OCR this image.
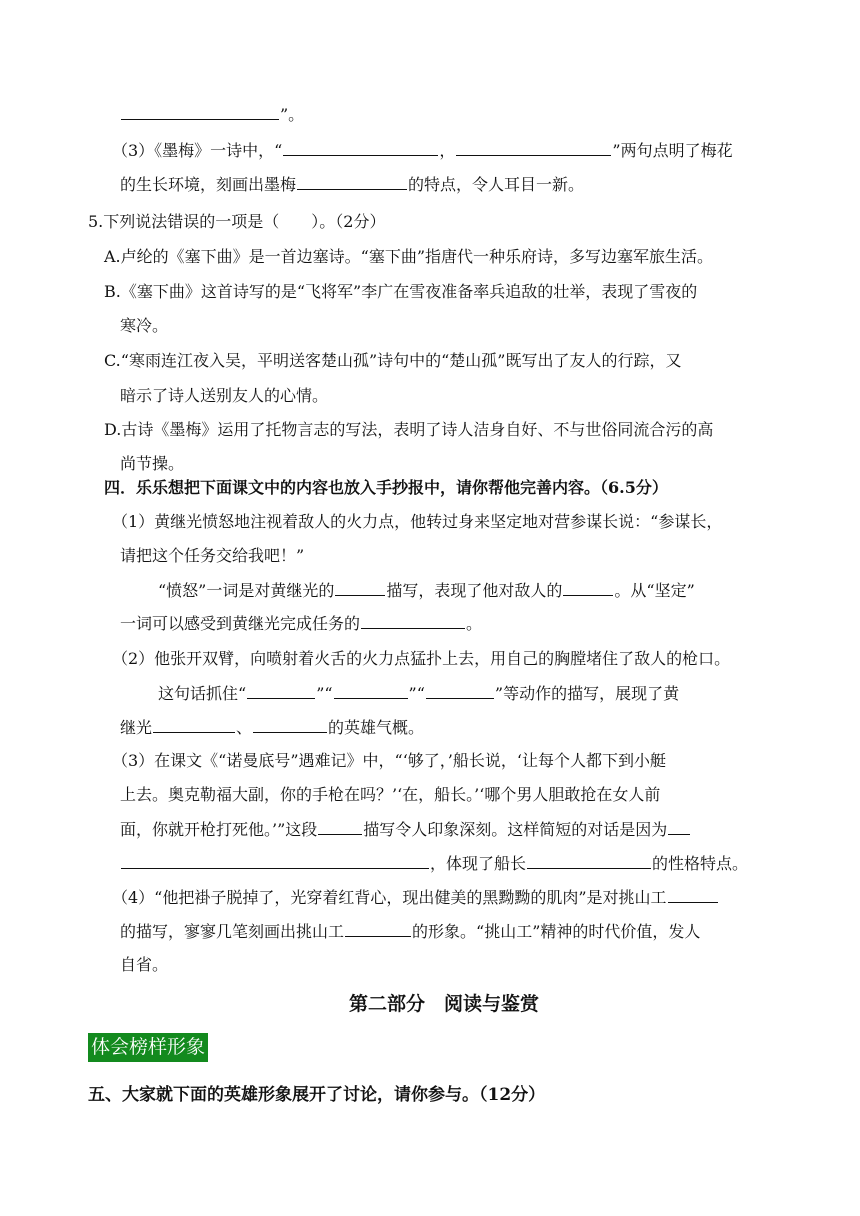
”。
（3）《墨梅》一诗中，“	，	”两句点明了梅花
的生长环境，刻画出墨梅	的特点，令人耳目一新。
5.下列说法错误的一项是（　　）。（2分）
A.卢纶的《塞下曲》是一首边塞诗。“塞下曲”指唐代一种乐府诗，多写边塞军旅生活。
B.《塞下曲》这首诗写的是“飞将军”李广在雪夜准备率兵追敌的壮举，表现了雪夜的
寒冷。
C.“寒雨连江夜入吴，平明送客楚山孤”诗句中的“楚山孤”既写出了友人的行踪，又
暗示了诗人送别友人的心情。
D.古诗《墨梅》运用了托物言志的写法，表明了诗人洁身自好、不与世俗同流合污的高
尚节操。
四．乐乐想把下面课文中的内容也放入手抄报中，请你帮他完善内容。（6.5分）
（1）黄继光愤怒地注视着敌人的火力点，他转过身来坚定地对营参谋长说：“参谋长，
请把这个任务交给我吧！”
“愤怒”一词是对黄继光的	描写，表现了他对敌人的	。从“坚定”
一词可以感受到黄继光完成任务的	。
（2）他张开双臂，向喷射着火舌的火力点猛扑上去，用自己的胸膛堵住了敌人的枪口。
这句话抓住“	”“	”“	”等动作的描写，展现了黄
继光	、	的英雄气概。
（3）在课文《“诺曼底号”遇难记》中，“‘够了，’船长说，‘让每个人都下到小艇
上去。奥克勒福大副，你的手枪在吗？’‘在，船长。’‘哪个男人胆敢抢在女人前
面，你就开枪打死他。’”这段	描写令人印象深刻。这样简短的对话是因为
，体现了船长	的性格特点。
（4）“他把褂子脱掉了，光穿着红背心，现出健美的黑黝黝的肌肉”是对挑山工
的描写，寥寥几笔刻画出挑山工	的形象。“挑山工”精神的时代价值，发人
自省。
第二部分　阅读与鉴赏
体会榜样形象
五、大家就下面的英雄形象展开了讨论，请你参与。（12分）
